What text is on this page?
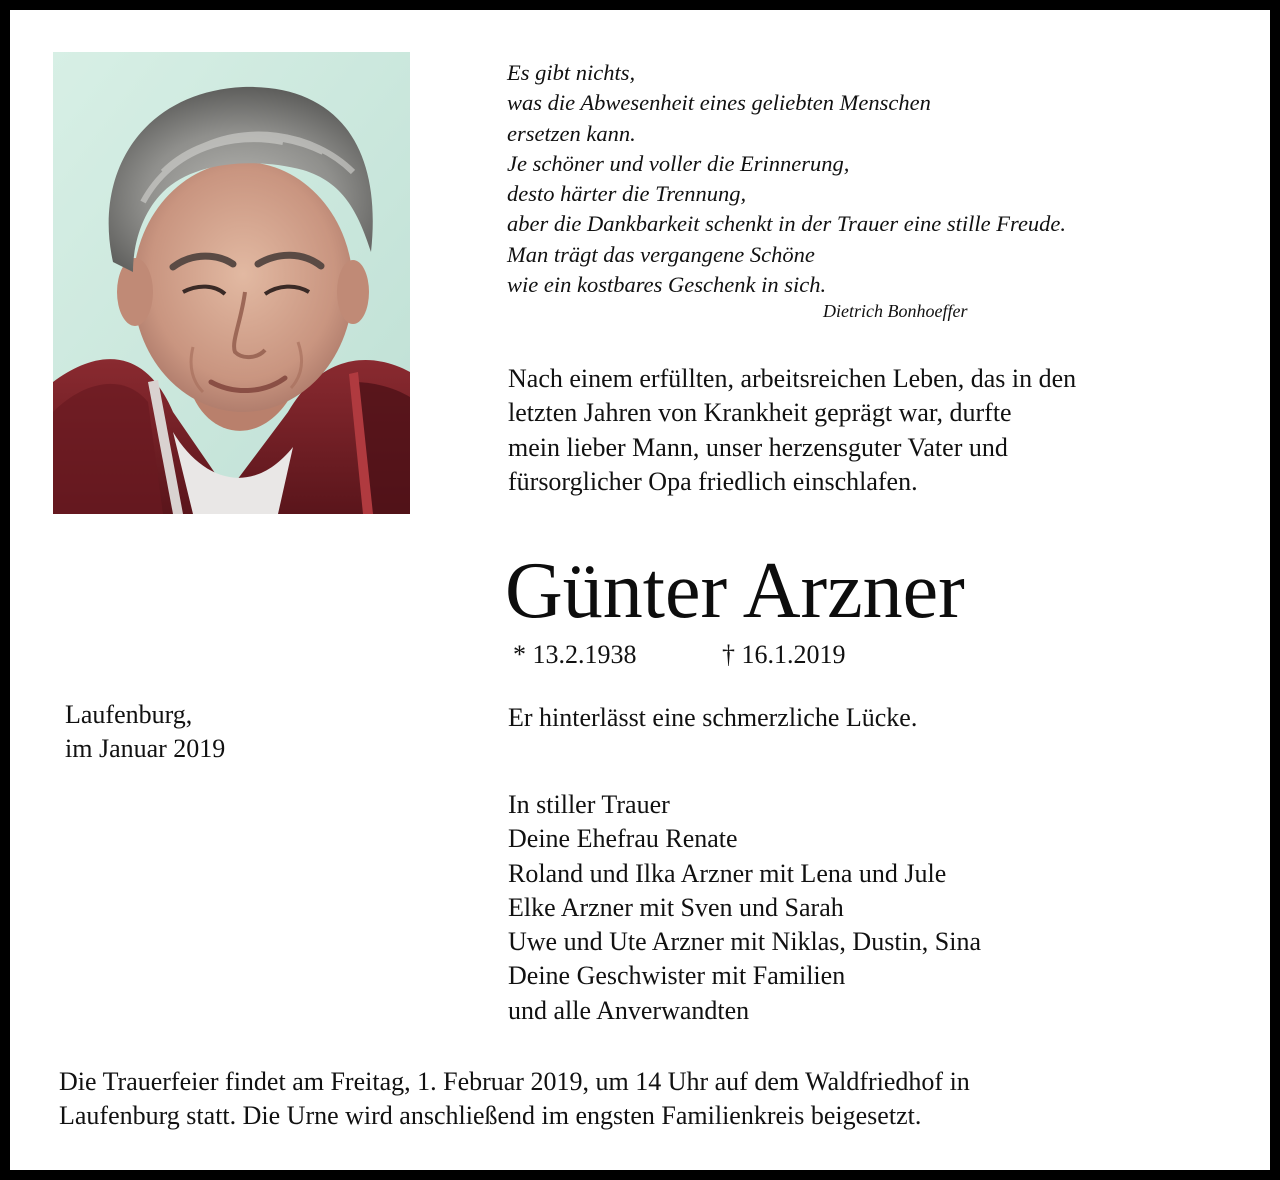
Es gibt nichts,
was die Abwesenheit eines geliebten Menschen
ersetzen kann.
Je schöner und voller die Erinnerung,
desto härter die Trennung,
aber die Dankbarkeit schenkt in der Trauer eine stille Freude.
Man trägt das vergangene Schöne
wie ein kostbares Geschenk in sich.
Dietrich Bonhoeffer
Nach einem erfüllten, arbeitsreichen Leben, das in den
letzten Jahren von Krankheit geprägt war, durfte
mein lieber Mann, unser herzensguter Vater und
fürsorglicher Opa friedlich einschlafen.
Günter Arzner
* 13.2.1938	† 16.1.2019
Laufenburg,
im Januar 2019
Er hinterlässt eine schmerzliche Lücke.
In stiller Trauer
Deine Ehefrau Renate
Roland und Ilka Arzner mit Lena und Jule
Elke Arzner mit Sven und Sarah
Uwe und Ute Arzner mit Niklas, Dustin, Sina
Deine Geschwister mit Familien
und alle Anverwandten
Die Trauerfeier findet am Freitag, 1. Februar 2019, um 14 Uhr auf dem Waldfriedhof in
Laufenburg statt. Die Urne wird anschließend im engsten Familienkreis beigesetzt.
